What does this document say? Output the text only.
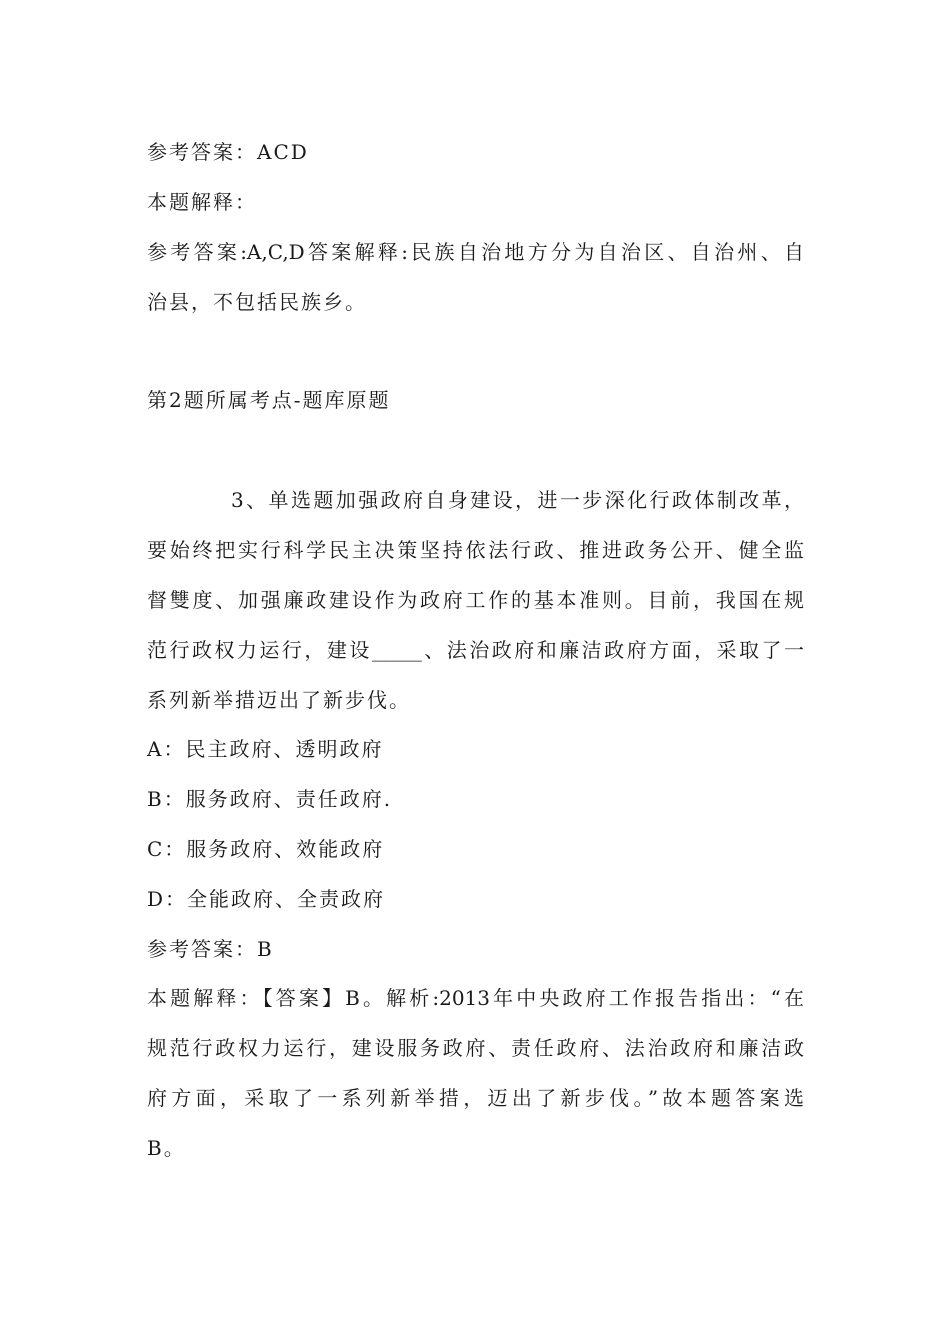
参考答案：ACD
本题解释：
参考答案:A,C,D答案解释:民族自治地方分为自治区、自治州、自
治县，不包括民族乡。
第2题所属考点-题库原题
3、单选题加强政府自身建设，进一步深化行政体制改革，
要始终把实行科学民主决策坚持依法行政、推进政务公开、健全监
督雙度、加强廉政建设作为政府工作的基本准则。目前，我国在规
范行政权力运行，建设_____、法治政府和廉洁政府方面，采取了一
系列新举措迈出了新步伐。
A：民主政府、透明政府
B：服务政府、责任政府.
C：服务政府、效能政府
D：全能政府、全责政府
参考答案：B
本题解释：【答案】B。解析:2013年中央政府工作报告指出：“在
规范行政权力运行，建设服务政府、责任政府、法治政府和廉洁政
府方面，采取了一系列新举措，迈出了新步伐。”故本题答案选
B。
